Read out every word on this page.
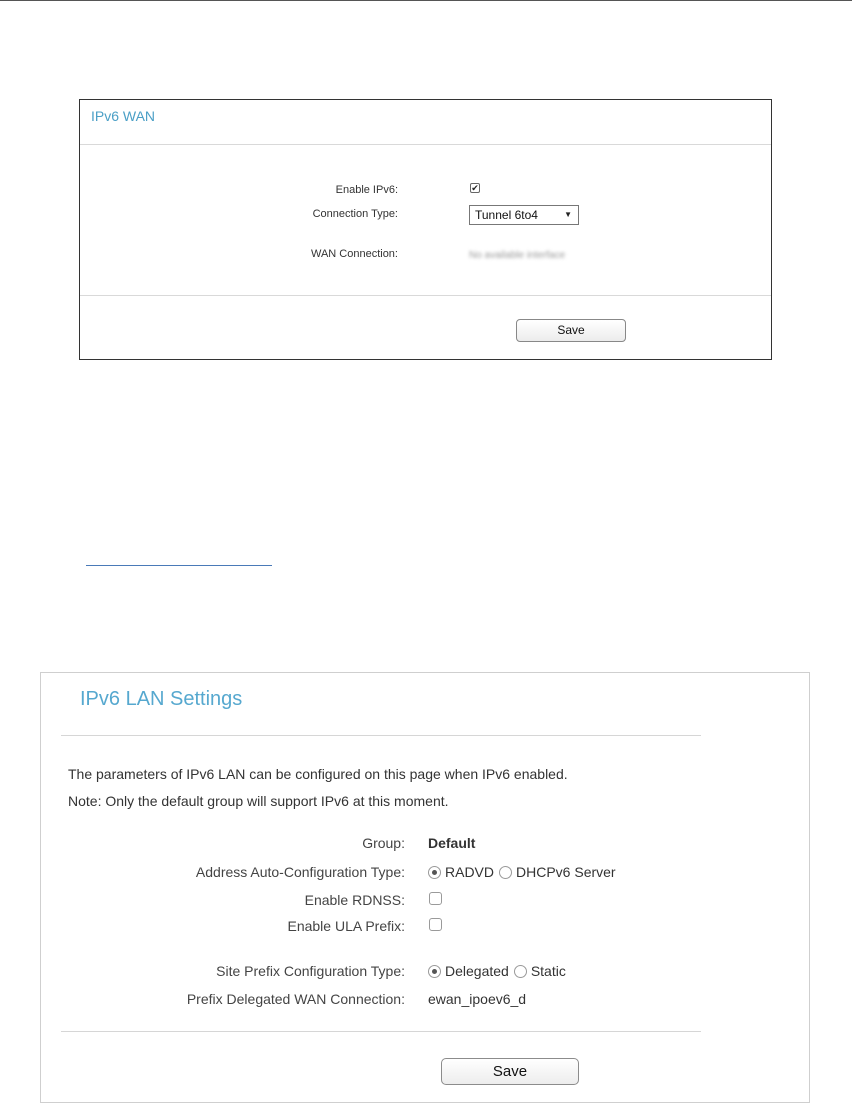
IPv6 WAN
Enable IPv6:	✔
Connection Type:	Tunnel 6to4	▼
WAN Connection:	No available interface
Save
IPv6 LAN Settings
The parameters of IPv6 LAN can be configured on this page when IPv6 enabled.
Note: Only the default group will support IPv6 at this moment.
Group: Default
Address Auto-Configuration Type:	RADVD DHCPv6 Server
Enable RDNSS:
Enable ULA Prefix:
Site Prefix Configuration Type:	Delegated Static
Prefix Delegated WAN Connection: ewan_ipoev6_d
Save
